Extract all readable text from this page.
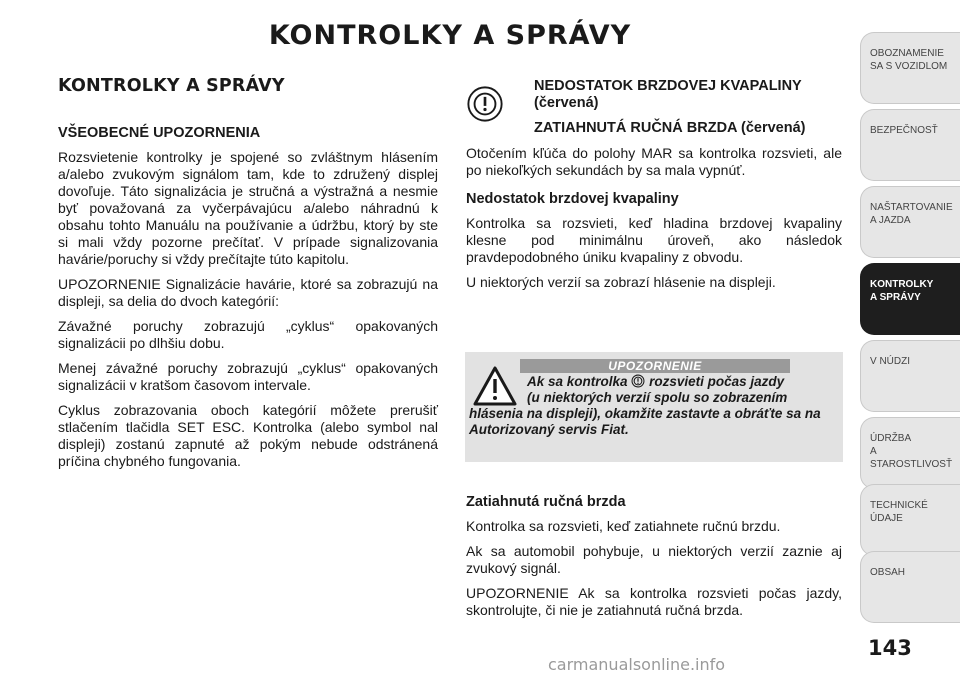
KONTROLKY A SPRÁVY
KONTROLKY A SPRÁVY
VŠEOBECNÉ UPOZORNENIA

Rozsvietenie kontrolky je spojené so zvláštnym hlásením a/alebo zvukovým signálom tam, kde to združený displej dovoľuje. Táto signalizácia je stručná a výstražná a nesmie byť považovaná za vyčerpávajúcu a/alebo náhradnú k obsahu tohto Manuálu na používanie a údržbu, ktorý by ste si mali vždy pozorne prečítať. V prípade signalizovania havárie/poruchy si vždy prečítajte túto kapitolu.

UPOZORNENIE Signalizácie havárie, ktoré sa zobrazujú na displeji, sa delia do dvoch kategórií:

Závažné poruchy zobrazujú „cyklus“ opakovaných signalizácii po dlhšiu dobu.

Menej závažné poruchy zobrazujú „cyklus“ opakovaných signalizácii v kratšom časovom intervale.

Cyklus zobrazovania oboch kategórií môžete prerušiť stlačením tlačidla SET ESC. Kontrolka (alebo symbol nal displeji) zostanú zapnuté až pokým nebude odstránená príčina chybného fungovania.

NEDOSTATOK BRZDOVEJ KVAPALINY (červená)
ZATIAHNUTÁ RUČNÁ BRZDA (červená)

Otočením kľúča do polohy MAR sa kontrolka rozsvieti, ale po niekoľkých sekundách by sa mala vypnúť.

Nedostatok brzdovej kvapaliny

Kontrolka sa rozsvieti, keď hladina brzdovej kvapaliny klesne pod minimálnu úroveň, ako následok pravdepodobného úniku kvapaliny z obvodu.

U niektorých verzií sa zobrazí hlásenie na displeji.

UPOZORNENIE
Ak sa kontrolka rozsvieti počas jazdy
(u niektorých verzií spolu so zobrazením
hlásenia na displeji), okamžite zastavte a obráťte sa na Autorizovaný servis Fiat.
Zatiahnutá ručná brzda

Kontrolka sa rozsvieti, keď zatiahnete ručnú brzdu.

Ak sa automobil pohybuje, u niektorých verzií zaznie aj zvukový signál.

UPOZORNENIE Ak sa kontrolka rozsvieti počas jazdy, skontrolujte, či nie je zatiahnutá ručná brzda.

OBOZNAMENIE
SA S VOZIDLOM
BEZPEČNOSŤ
NAŠTARTOVANIE
A JAZDA
KONTROLKY
A SPRÁVY
V NÚDZI
ÚDRŽBA
A STAROSTLIVOSŤ
TECHNICKÉ
ÚDAJE
OBSAH
143
carmanualsonline.info
